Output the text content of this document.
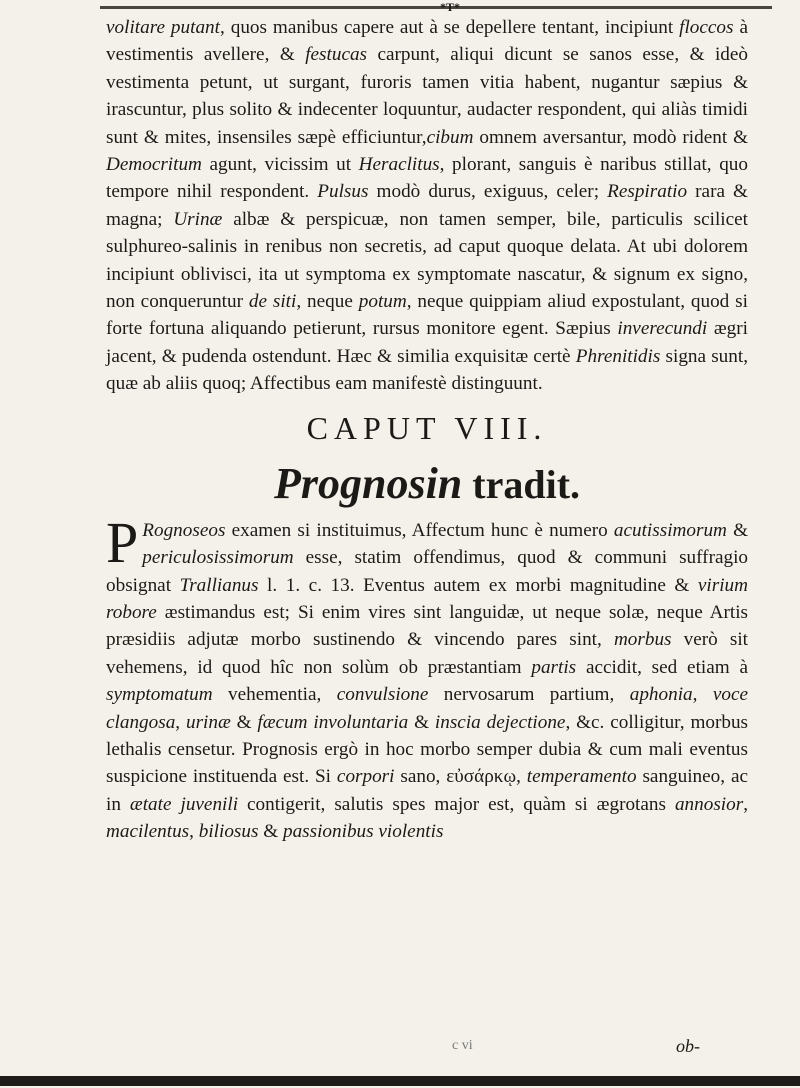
*T*

volitare putant, quos manibus capere aut à se depellere tentant, incipiunt floccos à vestimentis avellere, & festucas carpunt, aliqui dicunt se sanos esse, & ideò vestimenta petunt, ut surgant, furoris tamen vitia habent, nugantur sæpius & irascuntur, plus solito & indecenter loquuntur, audacter respondent, qui aliàs timidi sunt & mites, insensiles sæpè efficiuntur,cibum omnem aversantur, modò rident & Democritum agunt, vicissim ut Heraclitus, plorant, sanguis è naribus stillat, quo tempore nihil respondent. Pulsus modò durus, exiguus, celer; Respiratio rara & magna; Urinæ albæ & perspicuæ, non tamen semper, bile, particulis scilicet sulphureo-salinis in renibus non secretis, ad caput quoque delata. At ubi dolorem incipiunt oblivisci, ita ut symptoma ex symptomate nascatur, & signum ex signo, non conqueruntur de siti, neque potum, neque quippiam aliud expostulant, quod si forte fortuna aliquando petierunt, rursus monitore egent. Sæpius inverecundi ægri jacent, & pudenda ostendunt. Hæc & similia exquisitæ certè Phrenitidis signa sunt, quæ ab aliis quoq; Affectibus eam manifestè distinguunt.

CAPUT VIII.
Prognosin tradit.

P Rognoseos examen si instituimus, Affectum hunc è numero acutissimorum & periculosissimorum esse, statim offendimus, quod & communi suffragio obsignat Trallianus l. 1. c. 13. Eventus autem ex morbi magnitudine & virium robore æstimandus est; Si enim vires sint languidæ, ut neque solæ, neque Artis præsidiis adjutæ morbo sustinendo & vincendo pares sint, morbus verò sit vehemens, id quod hîc non solùm ob præstantiam partis accidit, sed etiam à symptomatum vehementia, convulsione nervosarum partium, aphonia, voce clangosa, urinæ & fæcum involuntaria & inscia dejectione, &c. colligitur, morbus lethalis censetur. Prognosis ergò in hoc morbo semper dubia & cum mali eventus suspicione instituenda est. Si corpori sano, εὐσάρκῳ, temperamento sanguineo, ac in ætate juvenili contigerit, salutis spes major est, quàm si ægrotans annosior, macilentus, biliosus & passionibus violentis

c vi	ob-
